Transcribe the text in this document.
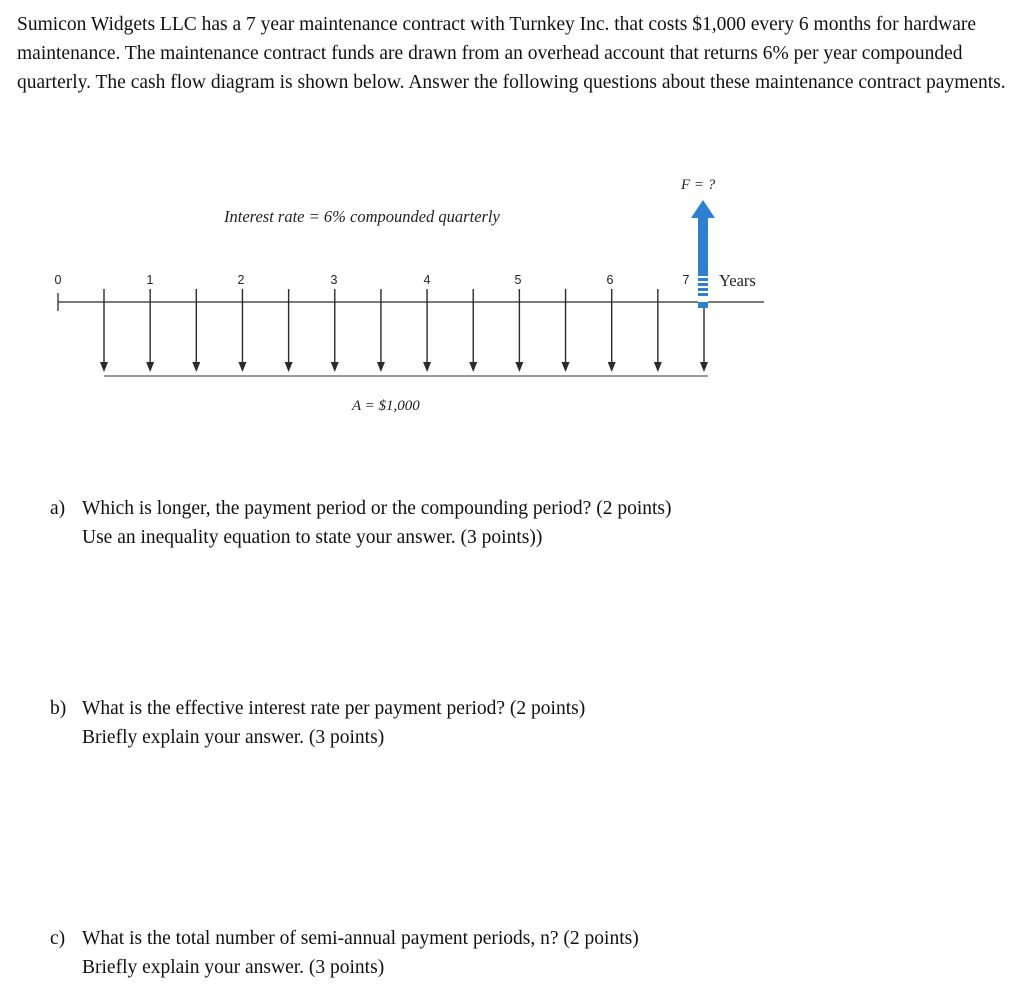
Sumicon Widgets LLC has a 7 year maintenance contract with Turnkey Inc. that costs $1,000 every 6 months for hardware maintenance. The maintenance contract funds are drawn from an overhead account that returns 6% per year compounded quarterly. The cash flow diagram is shown below. Answer the following questions about these maintenance contract payments.

Interest rate = 6% compounded quarterly
F = ?
A = $1,000
Years
0	1	2	3	4	5	6	7
a) Which is longer, the payment period or the compounding period? (2 points)
Use an inequality equation to state your answer. (3 points))
b) What is the effective interest rate per payment period? (2 points)
Briefly explain your answer. (3 points)
c) What is the total number of semi-annual payment periods, n? (2 points)
Briefly explain your answer. (3 points)
